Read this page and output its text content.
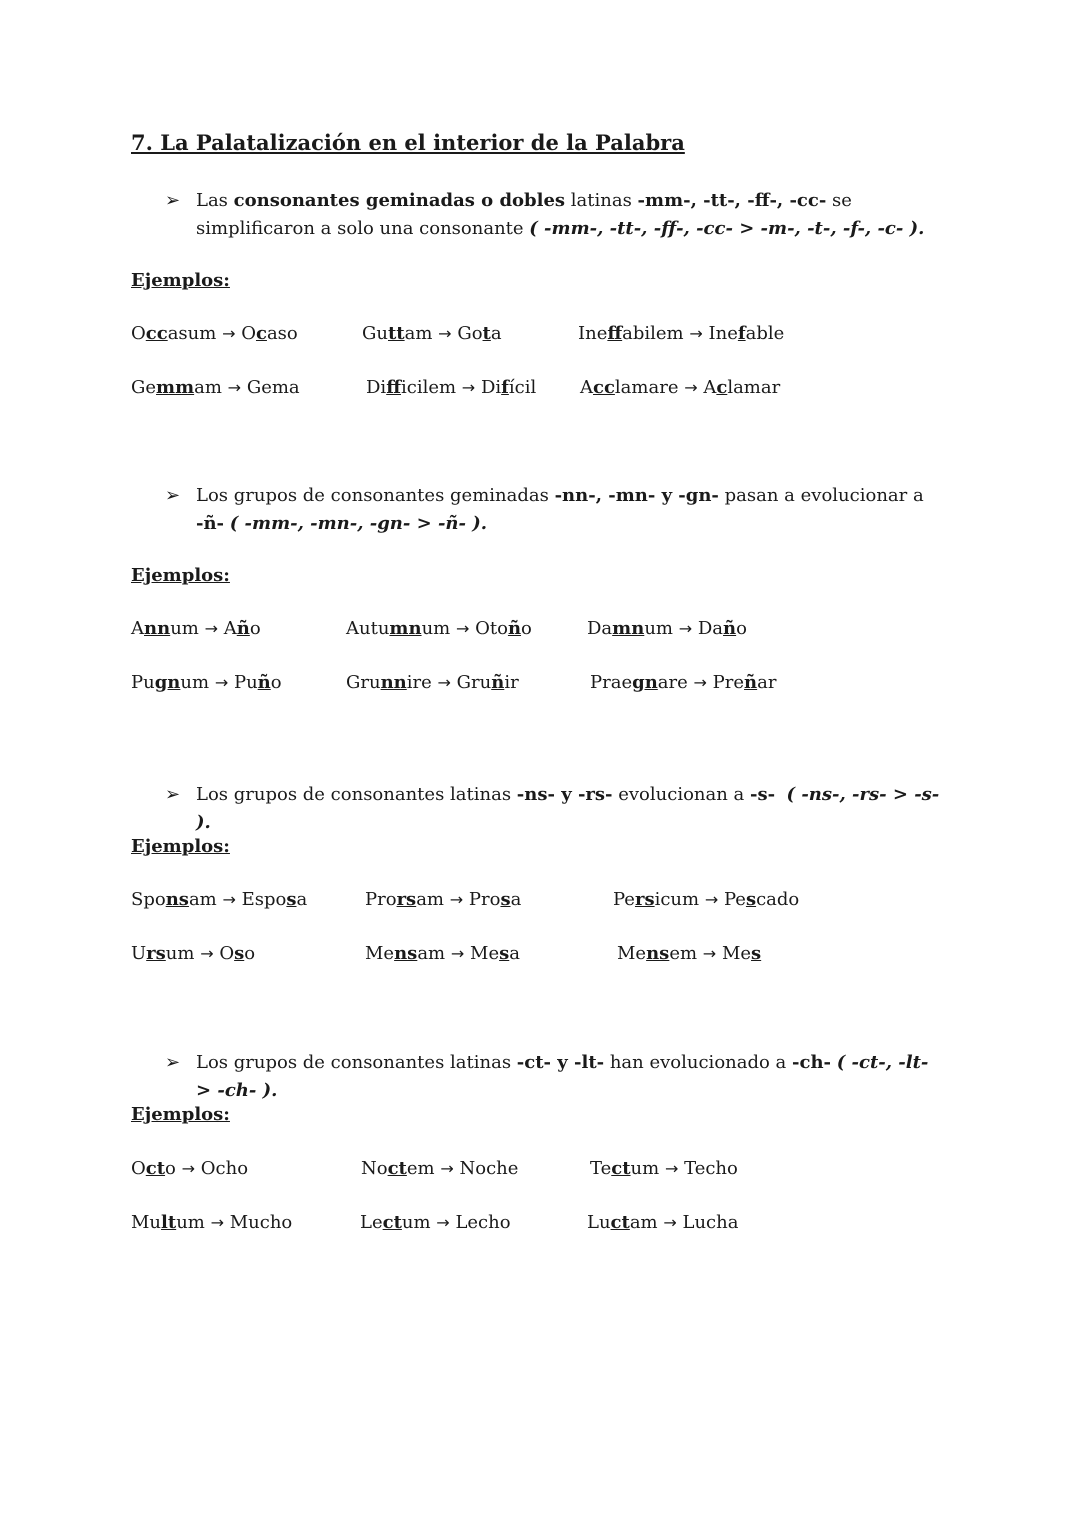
7. La Palatalización en el interior de la Palabra
➢ Las consonantes geminadas o dobles latinas -mm-, -tt-, -ff-, -cc- se simplificaron a solo una consonante ( -mm-, -tt-, -ff-, -cc- > -m-, -t-, -f-, -c- ).
Ejemplos:
Occasum → Ocaso	Guttam → Gota	Ineffabilem → Inefable
Gemmam → Gema	Difficilem → Difícil Acclamare → Aclamar
➢ Los grupos de consonantes geminadas -nn-, -mn- y -gn- pasan a evolucionar a -ñ- ( -mm-, -mn-, -gn- > -ñ- ).
Ejemplos:
Annum → Año	Autumnum → Otoño	Damnum → Daño
Pugnum → Puño	Grunnire → Gruñir	Praegnare → Preñar
➢ Los grupos de consonantes latinas -ns- y -rs- evolucionan a -s- ( -ns-, -rs- > -s- ).
Ejemplos:
Sponsam → Esposa	Prorsam → Prosa	Persicum → Pescado
Ursum → Oso	Mensam → Mesa	Mensem → Mes
➢ Los grupos de consonantes latinas -ct- y -lt- han evolucionado a -ch- ( -ct-, -lt- > -ch- ).
Ejemplos:
Octo → Ocho	Noctem → Noche	Tectum → Techo
Multum → Mucho	Lectum → Lecho	Luctam → Lucha
